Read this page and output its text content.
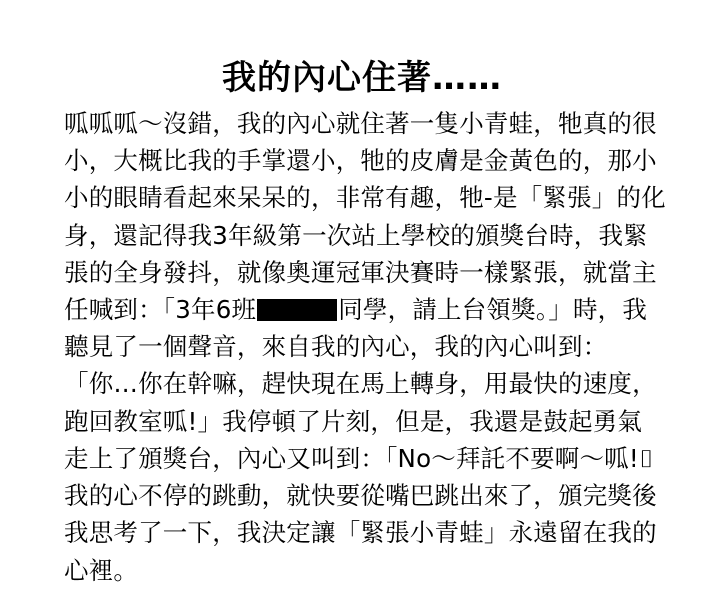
我的內心住著……

呱呱呱～沒錯，我的內心就住著一隻小青蛙，牠真的很小，大概比我的手掌還小，牠的皮膚是金黃色的，那小小的眼睛看起來呆呆的，非常有趣，牠-是「緊張」的化身，還記得我3年級第一次站上學校的頒獎台時，我緊張的全身發抖，就像奧運冠軍決賽時一樣緊張，就當主任喊到：「3年6班	同學，請上台領獎。」時，我聽見了一個聲音，來自我的內心，我的內心叫到：「你…你在幹嘛，趕快現在馬上轉身，用最快的速度，跑回教室呱!」我停頓了片刻，但是，我還是鼓起勇氣走上了頒獎台，內心又叫到：「No～拜託不要啊～呱!⌷我的心不停的跳動，就快要從嘴巴跳出來了，頒完獎後我思考了一下，我決定讓「緊張小青蛙」永遠留在我的心裡。
